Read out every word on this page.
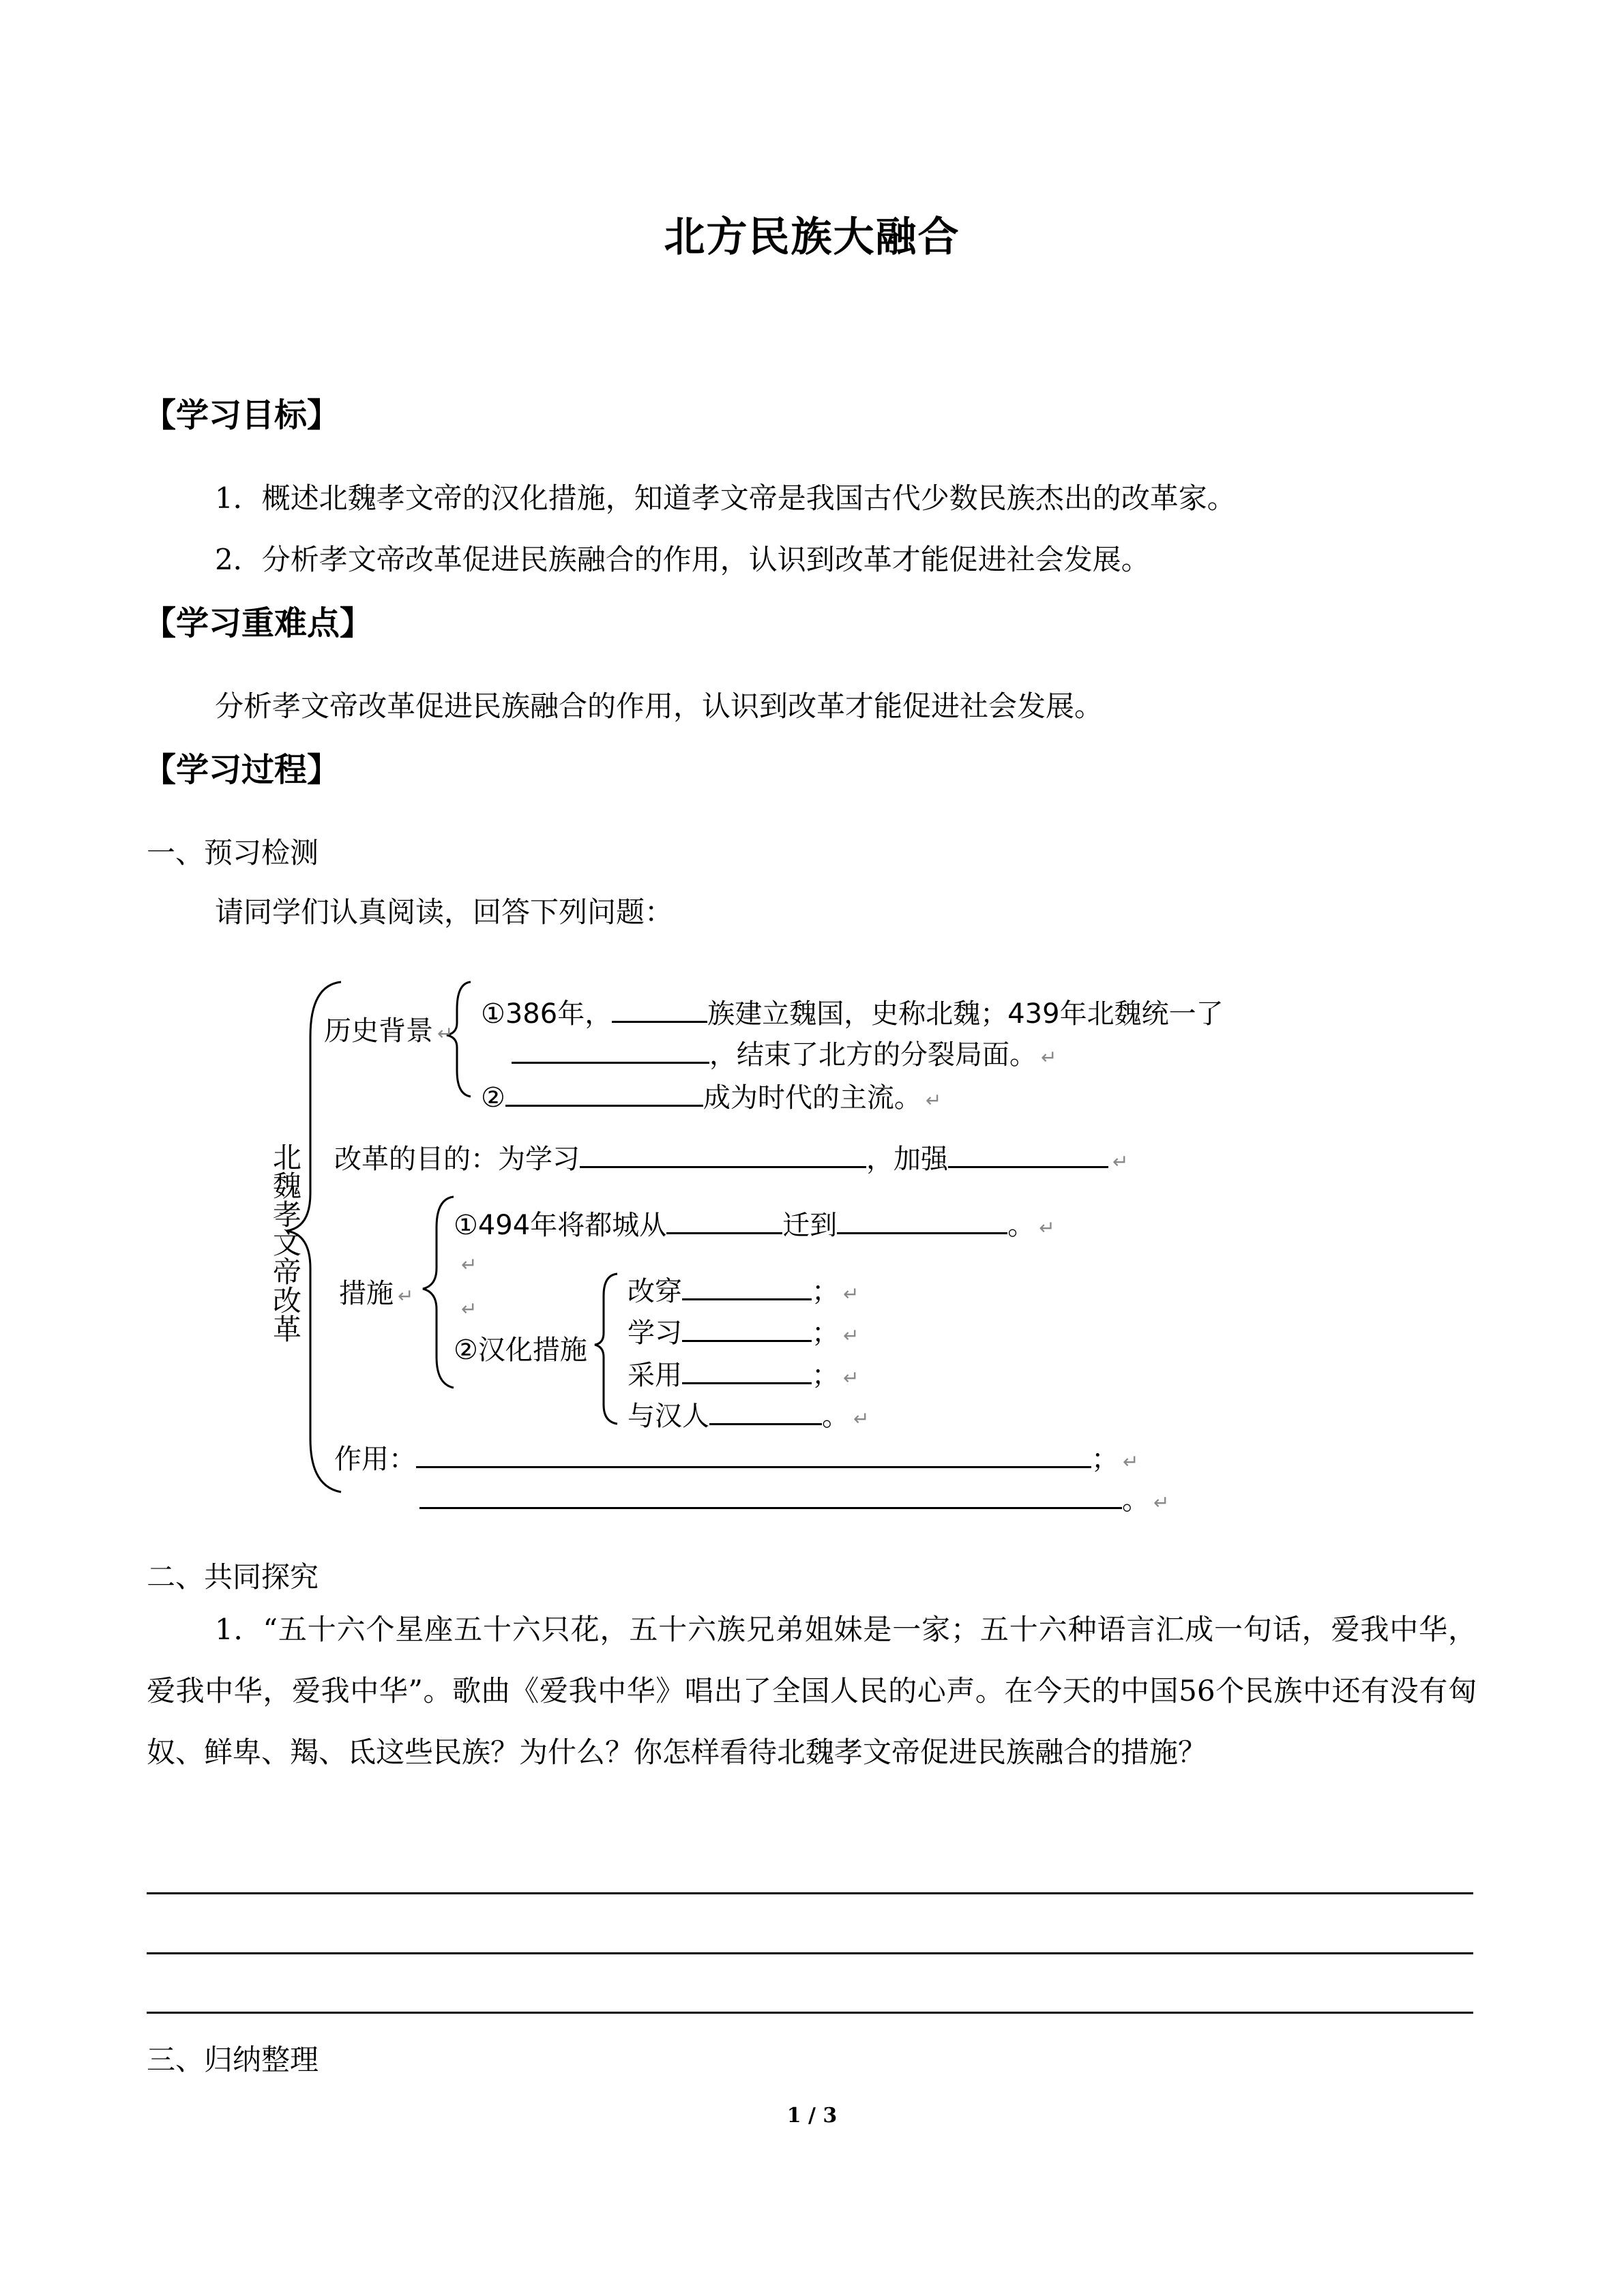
北方民族大融合
【学习目标】
1．概述北魏孝文帝的汉化措施，知道孝文帝是我国古代少数民族杰出的改革家。
2．分析孝文帝改革促进民族融合的作用，认识到改革才能促进社会发展。
【学习重难点】
分析孝文帝改革促进民族融合的作用，认识到改革才能促进社会发展。
【学习过程】
一、预习检测
请同学们认真阅读，回答下列问题：
北魏孝文帝改革
历史背景 ↵
①386年，	族建立魏国，史称北魏；439年北魏统一了
，结束了北方的分裂局面。 ↵
②	成为时代的主流。 ↵
改革的目的：为学习	，加强	↵
①494年将都城从	迁到	。 ↵
↵
措施 ↵
↵
②汉化措施
改穿	； ↵
学习	； ↵
采用	； ↵
与汉人	。 ↵
作用：	； ↵
。 ↵
二、共同探究
1．“五十六个星座五十六只花，五十六族兄弟姐妹是一家；五十六种语言汇成一句话，爱我中华，爱我中华，爱我中华”。歌曲《爱我中华》唱出了全国人民的心声。在今天的中国56个民族中还有没有匈奴、鲜卑、羯、氐这些民族？为什么？你怎样看待北魏孝文帝促进民族融合的措施？
三、归纳整理
1 / 3
